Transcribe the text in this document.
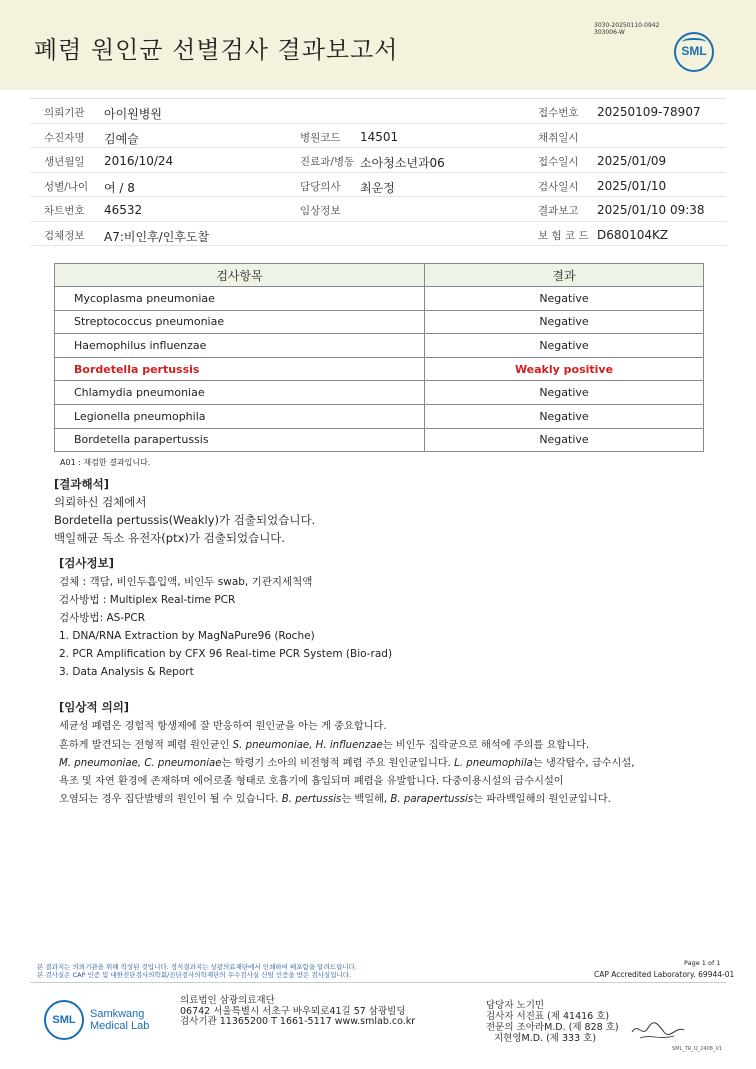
폐렴 원인균 선별검사 결과보고서
3030-20250110-0942
303006-W
SML
의뢰기관 아이원병원	접수번호 20250109-78907
수진자명 김예슬	병원코드 14501	채취일시
생년월일 2016/10/24	진료과/병동 소아청소년과06	접수일시 2025/01/09
성별/나이 여 / 8	담당의사 최운정	검사일시 2025/01/10
차트번호 46532	임상정보	결과보고 2025/01/10 09:38
검체정보 A7:비인후/인후도찰	보 험 코 드 D680104KZ
검사항목	결과
Mycoplasma pneumoniae	Negative
Streptococcus pneumoniae	Negative
Haemophilus influenzae	Negative
Bordetella pertussis	Weakly positive
Chlamydia pneumoniae	Negative
Legionella pneumophila	Negative
Bordetella parapertussis	Negative
A01 : 재검한 결과입니다.
[결과해석]
의뢰하신 검체에서
Bordetella pertussis(Weakly)가 검출되었습니다.
백일해균 독소 유전자(ptx)가 검출되었습니다.
[검사정보]
검체 : 객담, 비인두흡입액, 비인두 swab, 기관지세척액
검사방법 : Multiplex Real-time PCR
검사방법: AS-PCR
1. DNA/RNA Extraction by MagNaPure96 (Roche)
2. PCR Amplification by CFX 96 Real-time PCR System (Bio-rad)
3. Data Analysis & Report
[임상적 의의]
세균성 폐렴은 경험적 항생제에 잘 반응하여 원인균을 아는 게 중요합니다.
흔하게 발견되는 전형적 폐렴 원인균인 S. pneumoniae, H. influenzae는 비인두 집락균으로 해석에 주의를 요합니다.
M. pneumoniae, C. pneumoniae는 학령기 소아의 비전형적 폐렴 주요 원인균입니다. L. pneumophila는 냉각탑수, 급수시설,
욕조 및 자연 환경에 존재하며 에어로졸 형태로 호흡기에 흡입되며 폐렴을 유발합니다. 다중이용시설의 급수시설이
오염되는 경우 집단발병의 원인이 될 수 있습니다. B. pertussis는 백일해, B. parapertussis는 파라백일해의 원인균입니다.
Page 1 of 1
본 결과지는 의뢰기관을 위해 작성된 것입니다. 정식결과지는 상광의료재단에서 인쇄하여 배포함을 알려드립니다.
본 검사실은 CAP 인증 및 대한진단검사의학회/진단검사의학재단의 우수검사실 신임 인증을 받은 검사실입니다.	CAP Accredited Laboratory. 69944-01
SML	Samkwang
Medical Lab
의료법인 삼광의료재단
06742 서울특별시 서초구 바우뫼로41길 57 삼광빌딩
검사기관 11365200 T 1661-5117 www.smlab.co.kr
담당자 노기민
검사자 서진표 (제 41416 호)
전문의 조아라M.D. (제 828 호)
지현영M.D. (제 333 호)
SML_TR_Q_2408_V1
